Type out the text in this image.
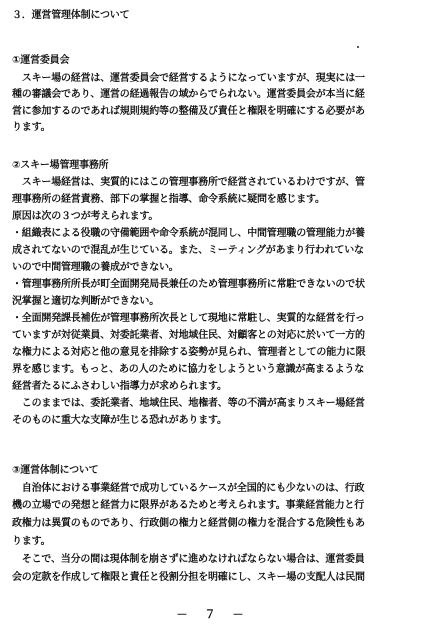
３．運営管理体制について
①運営委員会
　スキー場の経営は、運営委員会で経営するようになっていますが、現実には一
種の審議会であり、運営の経過報告の域からでられない。運営委員会が本当に経
営に参加するのであれば規則規約等の整備及び責任と権限を明確にする必要があ
ります。
②スキー場管理事務所
　スキー場経営は、実質的にはこの管理事務所で経営されているわけですが、管
理事務所の経営責務、部下の掌握と指導、命令系統に疑問を感じます。
原因は次の３つが考えられます。
・組織表による役職の守備範囲や命令系統が混同し、中間管理職の管理能力が養
成されてないので混乱が生じている。また、ミーティングがあまり行われていな
いので中間管理職の養成ができない。
・管理事務所所長が町全面開発局長兼任のため管理事務所に常駐できないので状
況掌握と適切な判断ができない。
・全面開発課長補佐が管理事務所次長として現地に常駐し、実質的な経営を行っ
ていますが対従業員、対委託業者、対地域住民、対顧客との対応に於いて一方的
な権力による対応と他の意見を排除する姿勢が見られ、管理者としての能力に限
界を感じます。もっと、あの人のために協力をしようという意識が高まるような
経営者たるにふさわしい指導力が求められます。
　このままでは、委託業者、地域住民、地権者、等の不満が高まりスキー場経営
そのものに重大な支障が生じる恐れがあります。
③運営体制について
　自治体における事業経営で成功しているケースが全国的にも少ないのは、行政
機の立場での発想と経営力に限界があるためと考えられます。事業経営能力と行
政権力は異質のものであり、行政側の権力と経営側の権力を混合する危険性もあ
ります。
　そこで、当分の間は現体制を崩さずに進めなければならない場合は、運営委員
会の定款を作成して権限と責任と役割分担を明確にし、スキー場の支配人は民間
－　７　－
